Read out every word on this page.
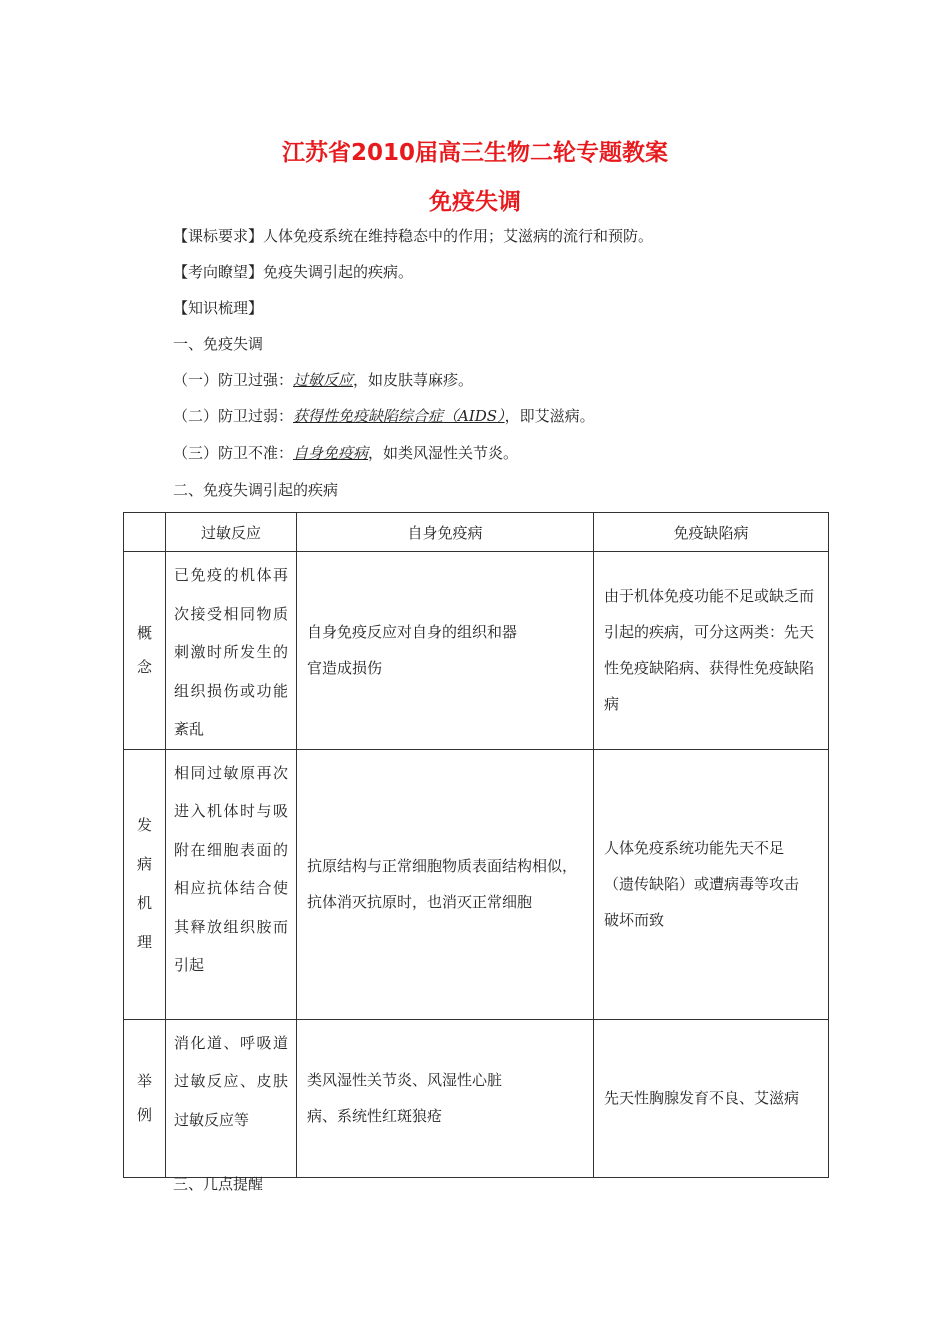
江苏省2010届高三生物二轮专题教案
免疫失调
【课标要求】人体免疫系统在维持稳态中的作用；艾滋病的流行和预防。
【考向瞭望】免疫失调引起的疾病。
【知识梳理】
一、免疫失调
（一）防卫过强：过敏反应，如皮肤荨麻疹。
（二）防卫过弱：获得性免疫缺陷综合症（AIDS），即艾滋病。
（三）防卫不准：自身免疫病，如类风湿性关节炎。
二、免疫失调引起的疾病
	过敏反应	自身免疫病	免疫缺陷病
概念	已免疫的机体再次接受相同物质刺激时所发生的组织损伤或功能紊乱	自身免疫反应对自身的组织和器官造成损伤	由于机体免疫功能不足或缺乏而引起的疾病，可分这两类：先天性免疫缺陷病、获得性免疫缺陷病

发病机理	相同过敏原再次进入机体时与吸附在细胞表面的相应抗体结合使其释放组织胺而引起	抗原结构与正常细胞物质表面结构相似，抗体消灭抗原时，也消灭正常细胞	人体免疫系统功能先天不足（遗传缺陷）或遭病毒等攻击破坏而致

举例	消化道、呼吸道过敏反应、皮肤过敏反应等	类风湿性关节炎、风湿性心脏病、系统性红斑狼疮	先天性胸腺发育不良、艾滋病
三、几点提醒
